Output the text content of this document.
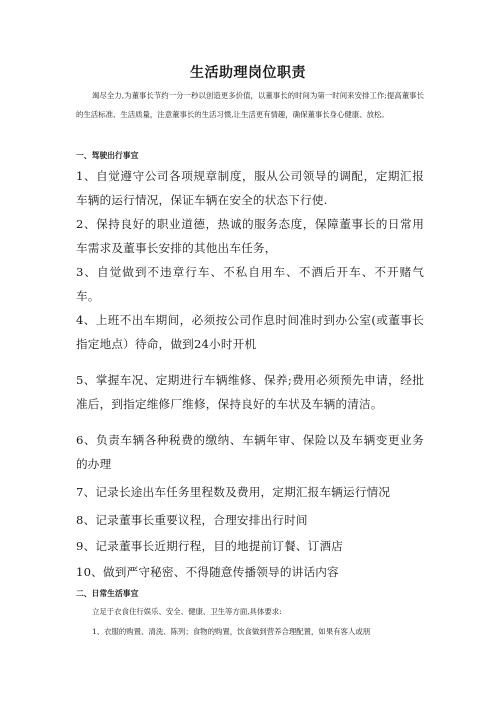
生活助理岗位职责
竭尽全力,为董事长节约一分一秒以创造更多价值，以董事长的时间为第一时间来安排工作;提高董事长的生活标准、生活质量，注意董事长的生活习惯,让生活更有情趣，确保董事长身心健康、放松。
一、驾驶出行事宜
1、自觉遵守公司各项规章制度，服从公司领导的调配，定期汇报车辆的运行情况，保证车辆在安全的状态下行使.
2、保持良好的职业道德，热诚的服务态度，保障董事长的日常用车需求及董事长安排的其他出车任务，
3、自觉做到不违章行车、不私自用车、不酒后开车、不开赌气车。
4、上班不出车期间，必须按公司作息时间准时到办公室(或董事长指定地点）待命，做到24小时开机
5、掌握车况、定期进行车辆维修、保养;费用必须预先申请，经批准后，到指定维修厂维修，保持良好的车状及车辆的清洁。
6、负责车辆各种税费的缴纳、车辆年审、保险以及车辆变更业务的办理
7、记录长途出车任务里程数及费用，定期汇报车辆运行情况
8、记录董事长重要议程，合理安排出行时间
9、记录董事长近期行程，目的地提前订餐、订酒店
10、做到严守秘密、不得随意传播领导的讲话内容
二、日常生活事宜
立足于衣食住行娱乐、安全、健康、卫生等方面,具体要求:
1、衣服的购置、清洗、陈列；食物的购置，饮食做到营养合理配置，如果有客人或朋
